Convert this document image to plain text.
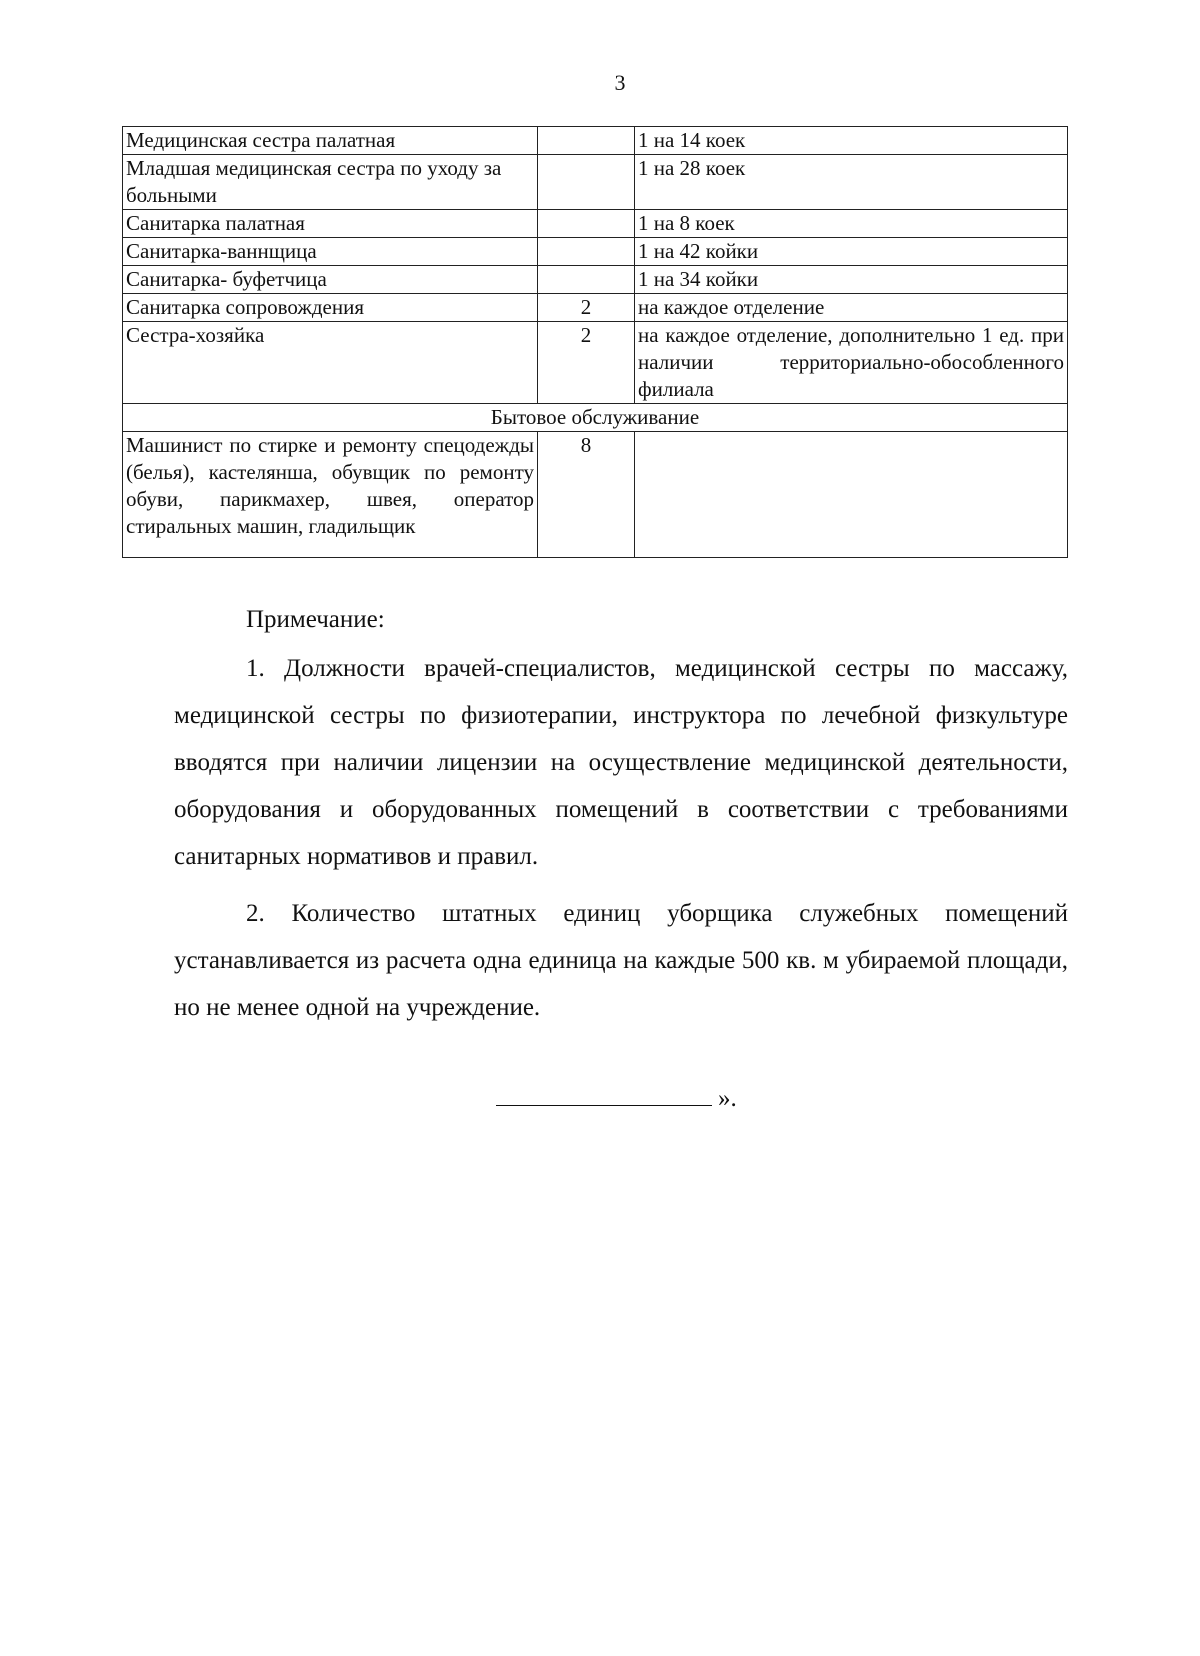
3
Медицинская сестра палатная		1 на 14 коек
Младшая медицинская сестра по уходу за больными		1 на 28 коек
Санитарка палатная		1 на 8 коек
Санитарка-ваннщица		1 на 42 койки
Санитарка- буфетчица		1 на 34 койки
Санитарка сопровождения	2	на каждое отделение
Сестра-хозяйка	2	на каждое отделение, дополнительно 1 ед. при наличии территориально-обособленного филиала
Бытовое обслуживание		
Машинист по стирке и ремонту спецодежды (белья), кастелянша, обувщик по ремонту обуви, парикмахер, швея, оператор стиральных машин, гладильщик	8	
Примечание:
1. Должности врачей-специалистов, медицинской сестры по массажу, медицинской сестры по физиотерапии, инструктора по лечебной физкультуре вводятся при наличии лицензии на осуществление медицинской деятельности, оборудования и оборудованных помещений в соответствии с требованиями санитарных нормативов и правил.
2. Количество штатных единиц уборщика служебных помещений устанавливается из расчета одна единица на каждые 500 кв. м убираемой площади, но не менее одной на учреждение.
».
